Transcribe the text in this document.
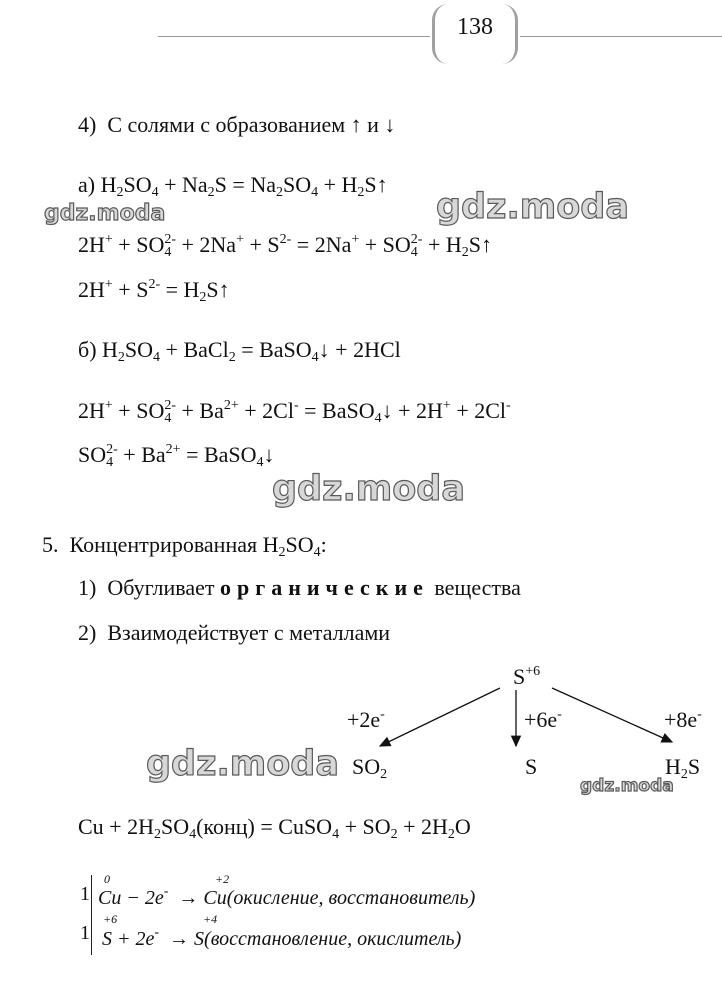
138
4) С солями с образованием ↑ и ↓
а) $H_2SO_4 + Na_2S = Na_2SO_4$ + $H_2S↑$
$2H^+ + SO_4^{2-} + 2Na^+ + S^{2-} = 2Na^+ + SO_4^{2-}$ + $H_2S↑$
$2H^+ + S^{2-}$ = $H_2S↑$
б) $H_2SO_4$ + BaCl$_2$ = BaSO$_4$↓ + 2HCl
$2H^+ + SO_4^{2-} + Ba^{2+} + 2Cl^-$ = BaSO$_4$↓ + 2H+ + 2Cl-
$SO_4^{2-} + Ba^{2+}$ = BaSO$_4$↓
5. Концентрированная $H_2SO_4$:
1) Обугливает органические вещества
2) Взаимодействует с металлами
$S^{+6}$
+2e-	+6e-	+8e-
$SO_2$	S	$H_2S$
$Cu + 2H_2SO_4(конц)$ = CuSO$_4$ + $SO_2 + 2H_2O$
1
1
0	+2
Cu − 2e-  → Cu(окисление, восстановитель)
+6	+4
S + 2e-  → S(восстановление, окислитель)
gdz.moda	gdz.moda
gdz.moda
gdz.moda
gdz.moda
